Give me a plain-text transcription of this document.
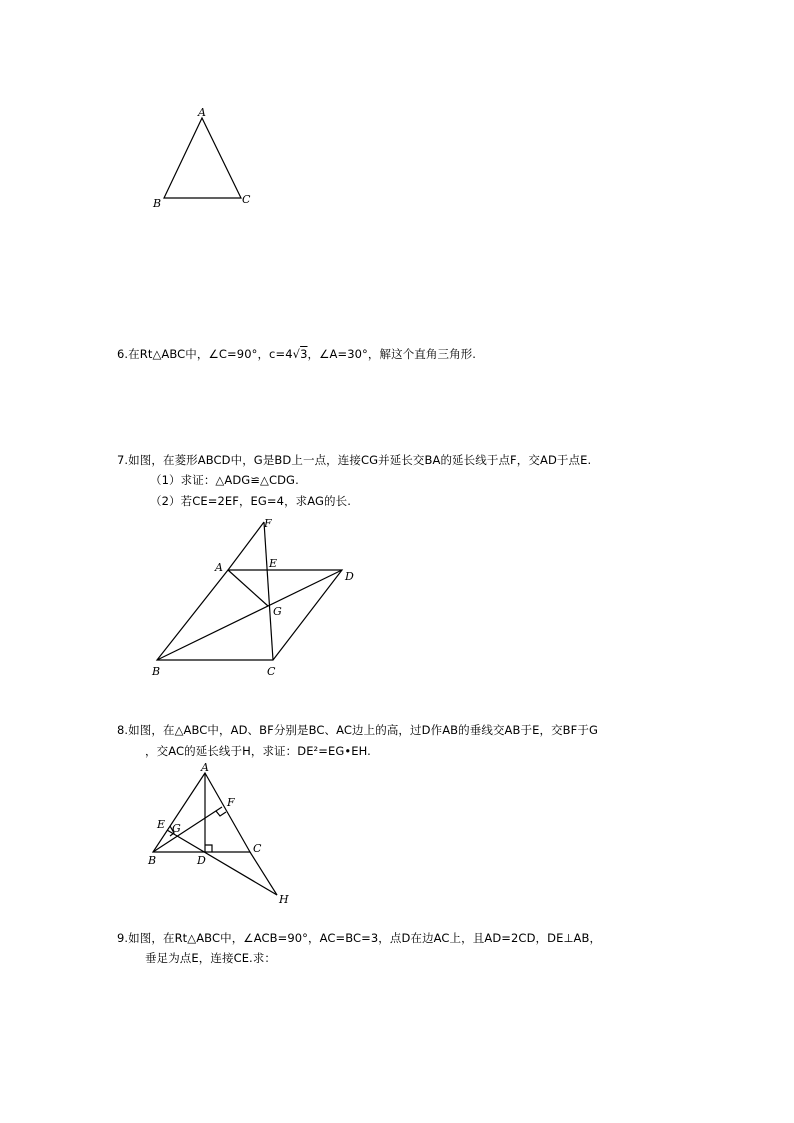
A
B	C
6.在Rt△ABC中，∠C=90°，c=4√3，∠A=30°，解这个直角三角形.
7.如图，在菱形ABCD中，G是BD上一点，连接CG并延长交BA的延长线于点F，交AD于点E.
（1）求证：△ADG≌△CDG.
（2）若CE=2EF，EG=4，求AG的长.
F
A	E
D
G
B	C
8.如图，在△ABC中，AD、BF分别是BC、AC边上的高，过D作AB的垂线交AB于E，交BF于G
，交AC的延长线于H，求证：DE²=EG•EH.
A
F
E G
B	D
C
H
9.如图，在Rt△ABC中，∠ACB=90°，AC=BC=3，点D在边AC上，且AD=2CD，DE⊥AB，
垂足为点E，连接CE.求：
